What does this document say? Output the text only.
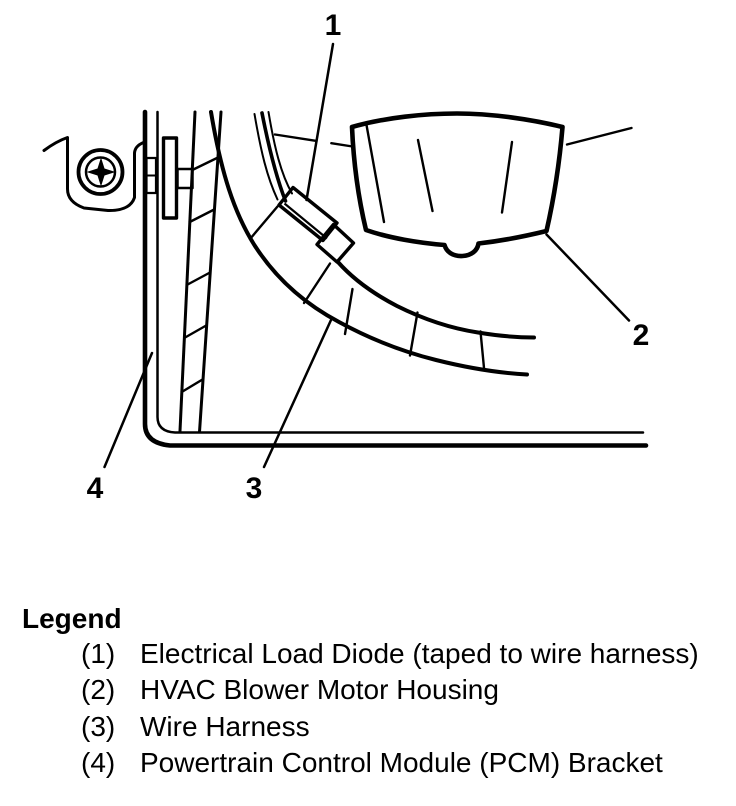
1
2
3
4
Legend
(1) Electrical Load Diode (taped to wire harness)
(2) HVAC Blower Motor Housing
(3) Wire Harness
(4) Powertrain Control Module (PCM) Bracket
